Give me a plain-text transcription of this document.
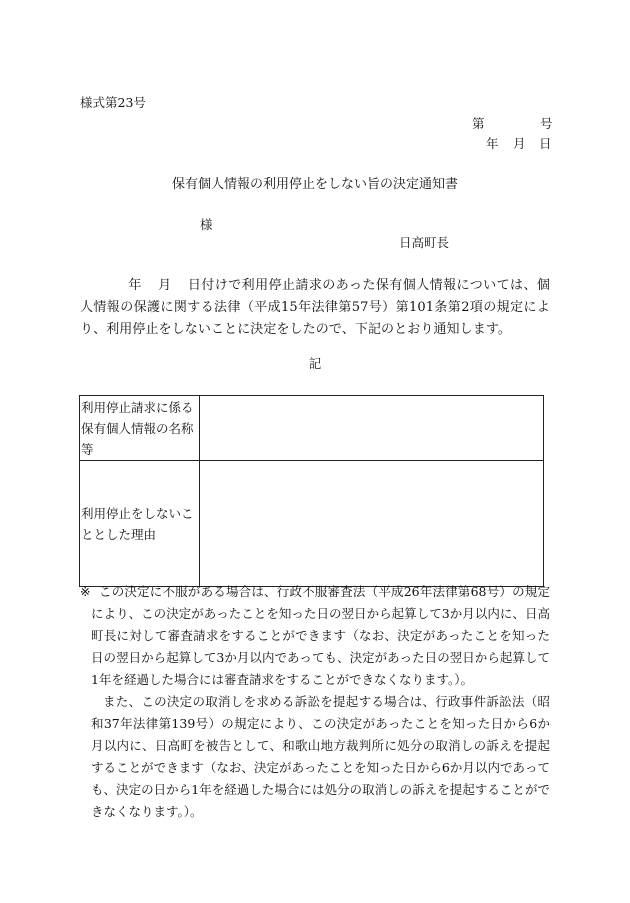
様式第23号
第	号
年 月 日
保有個人情報の利用停止をしない旨の決定通知書
様
日高町長
年 月 日付けで利用停止請求のあった保有個人情報については、個人情報の保護に関する法律（平成15年法律第57号）第101条第2項の規定により、利用停止をしないことに決定をしたので、下記のとおり通知します。
記
利用停止請求に係る保有個人情報の名称等	
利用停止をしないこととした理由	
※ この決定に不服がある場合は、行政不服審査法（平成26年法律第68号）の規定により、この決定があったことを知った日の翌日から起算して3か月以内に、日高町長に対して審査請求をすることができます（なお、決定があったことを知った日の翌日から起算して3か月以内であっても、決定があった日の翌日から起算して1年を経過した場合には審査請求をすることができなくなります。）。
また、この決定の取消しを求める訴訟を提起する場合は、行政事件訴訟法（昭和37年法律第139号）の規定により、この決定があったことを知った日から6か月以内に、日高町を被告として、和歌山地方裁判所に処分の取消しの訴えを提起することができます（なお、決定があったことを知った日から6か月以内であっても、決定の日から1年を経過した場合には処分の取消しの訴えを提起することができなくなります。）。
